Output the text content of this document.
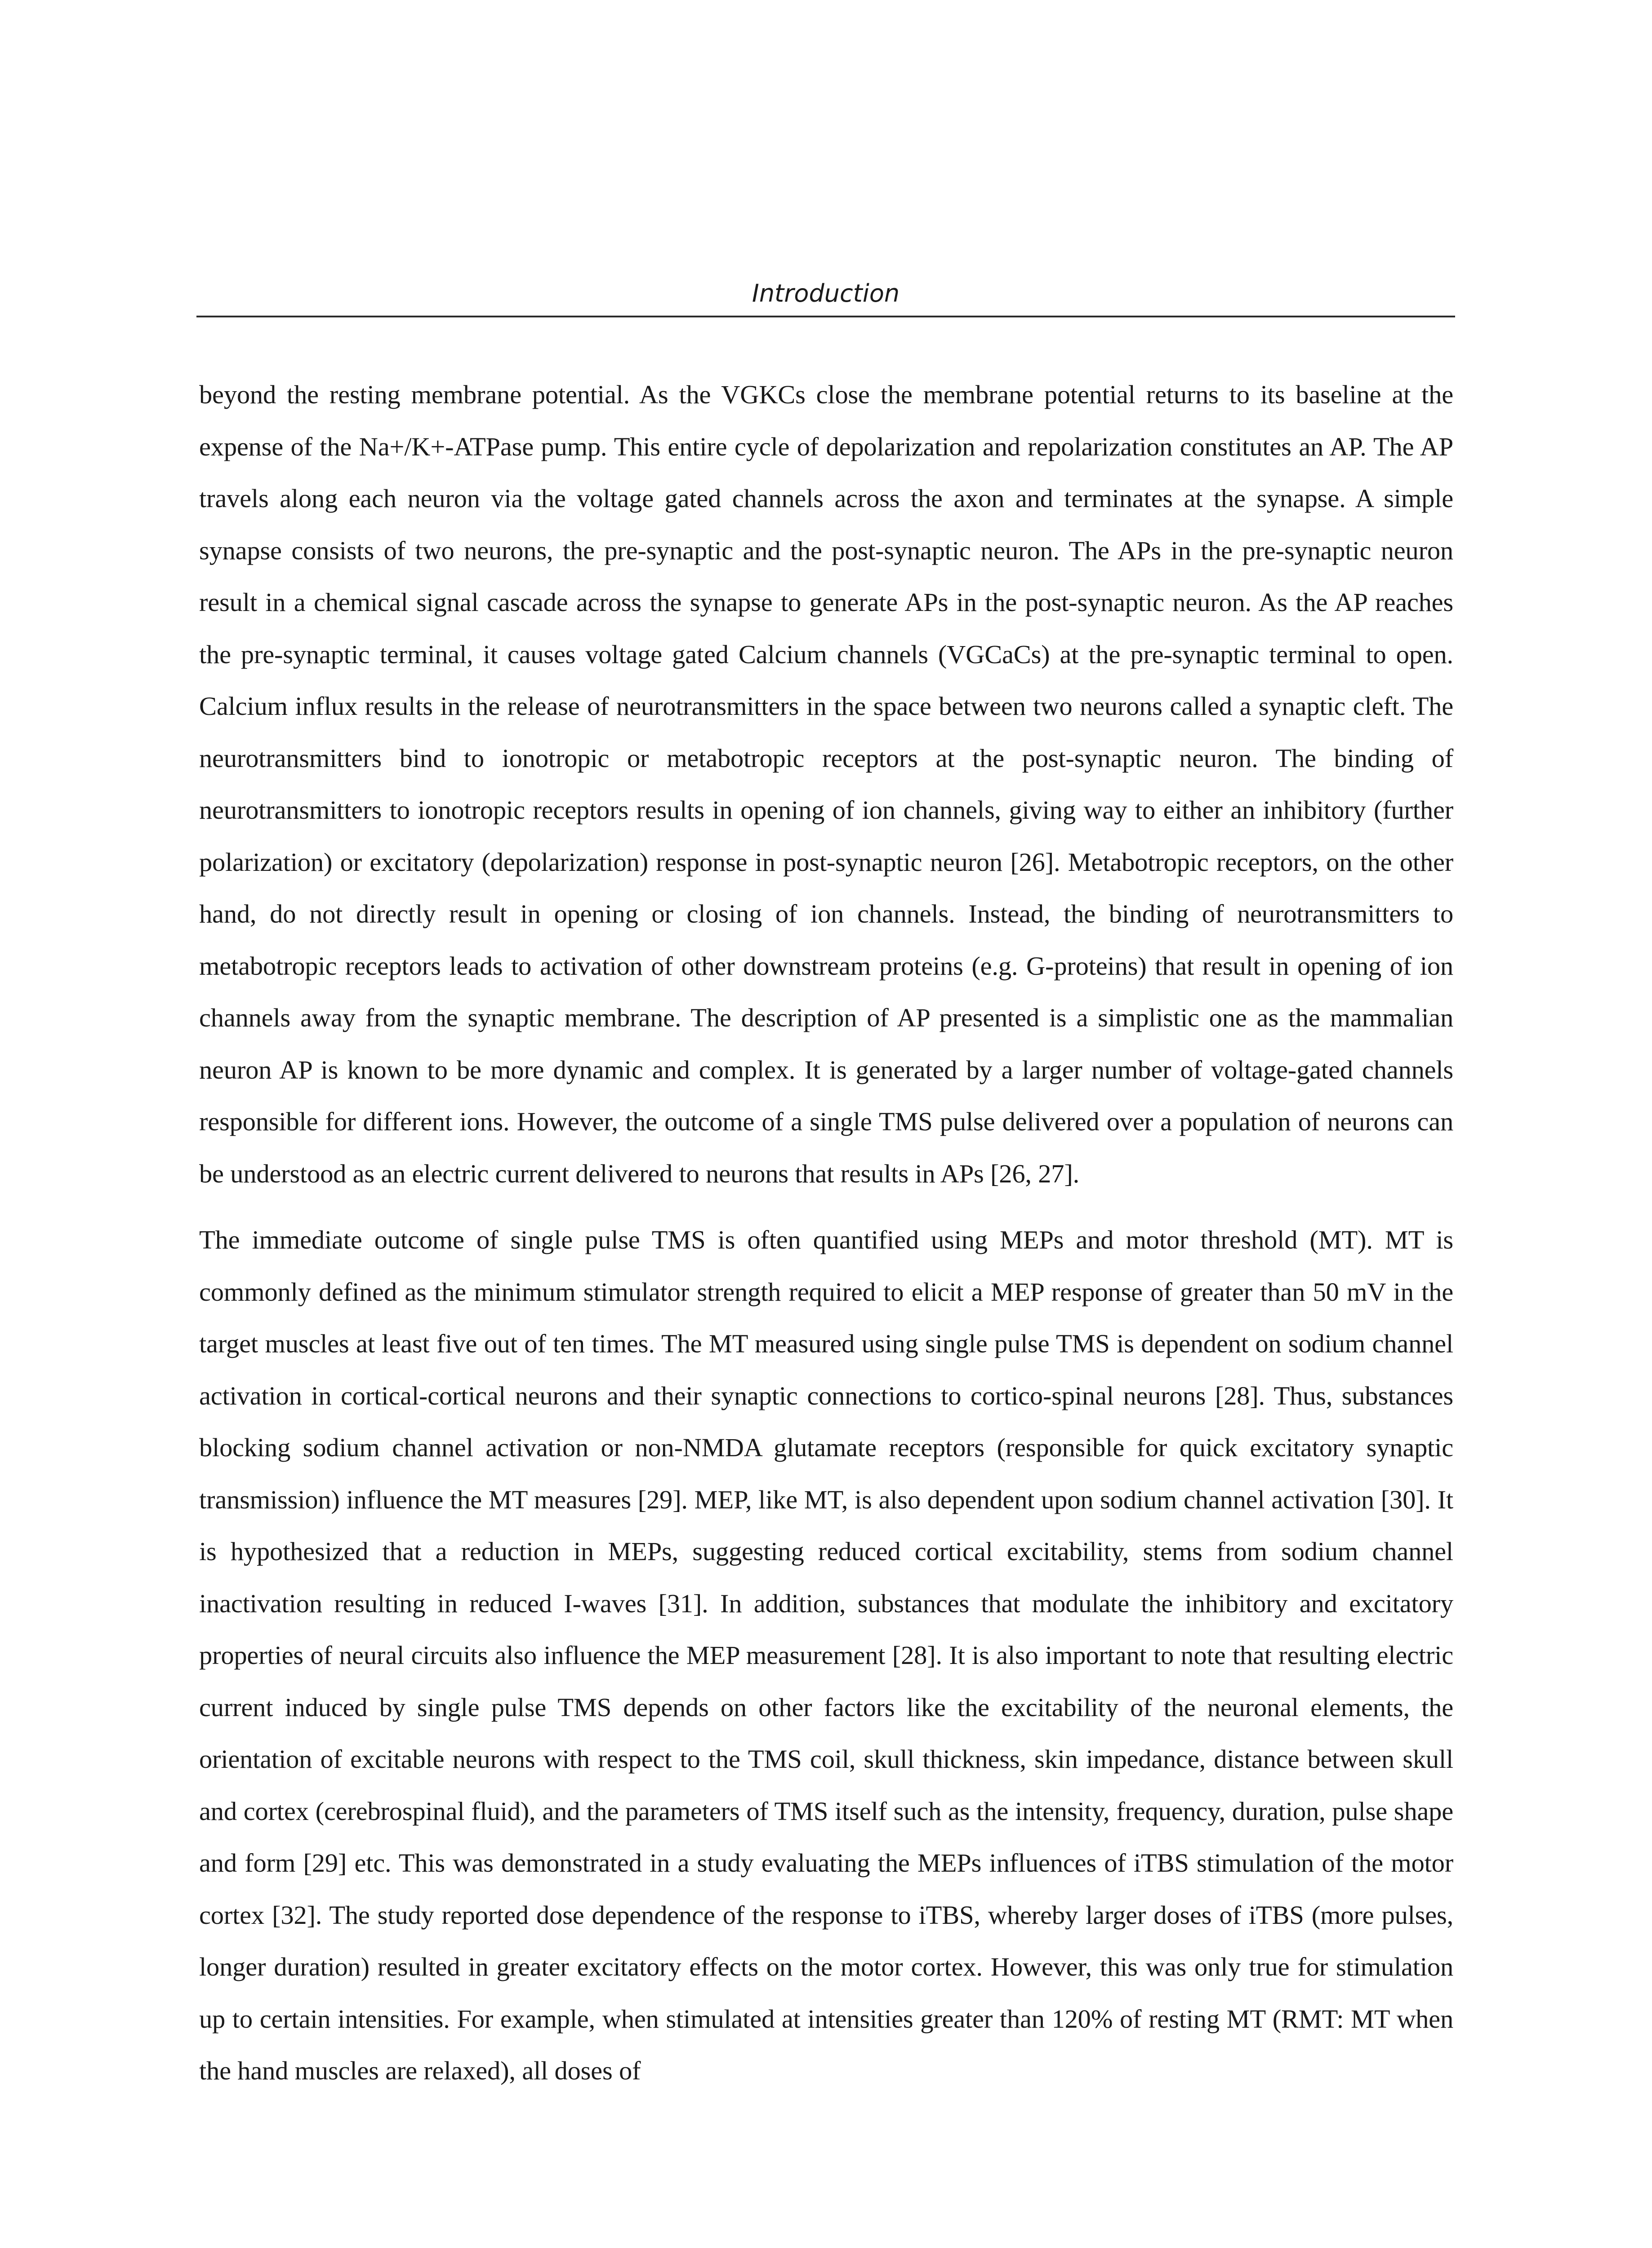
Introduction

beyond the resting membrane potential. As the VGKCs close the membrane potential returns to its baseline at the expense of the Na+/K+-ATPase pump. This entire cycle of depolarization and repolarization constitutes an AP. The AP travels along each neuron via the voltage gated channels across the axon and terminates at the synapse. A simple synapse consists of two neurons, the pre-synaptic and the post-synaptic neuron. The APs in the pre-synaptic neuron result in a chemical signal cascade across the synapse to generate APs in the post-synaptic neuron. As the AP reaches the pre-synaptic terminal, it causes voltage gated Calcium channels (VGCaCs) at the pre-synaptic terminal to open. Calcium influx results in the release of neurotransmitters in the space between two neurons called a synaptic cleft. The neurotransmitters bind to ionotropic or metabotropic receptors at the post-synaptic neuron. The binding of neurotransmitters to ionotropic receptors results in opening of ion channels, giving way to either an inhibitory (further polarization) or excitatory (depolarization) response in post-synaptic neuron [26]. Metabotropic receptors, on the other hand, do not directly result in opening or closing of ion channels. Instead, the binding of neurotransmitters to metabotropic receptors leads to activation of other downstream proteins (e.g. G-proteins) that result in opening of ion channels away from the synaptic membrane. The description of AP presented is a simplistic one as the mammalian neuron AP is known to be more dynamic and complex. It is generated by a larger number of voltage-gated channels responsible for different ions. However, the outcome of a single TMS pulse delivered over a population of neurons can be understood as an electric current delivered to neurons that results in APs [26, 27].

The immediate outcome of single pulse TMS is often quantified using MEPs and motor threshold (MT). MT is commonly defined as the minimum stimulator strength required to elicit a MEP response of greater than 50 mV in the target muscles at least five out of ten times. The MT measured using single pulse TMS is dependent on sodium channel activation in cortical-cortical neurons and their synaptic connections to cortico-spinal neurons [28]. Thus, substances blocking sodium channel activation or non-NMDA glutamate receptors (responsible for quick excitatory synaptic transmission) influence the MT measures [29]. MEP, like MT, is also dependent upon sodium channel activation [30]. It is hypothesized that a reduction in MEPs, suggesting reduced cortical excitability, stems from sodium channel inactivation resulting in reduced I-waves [31]. In addition, substances that modulate the inhibitory and excitatory properties of neural circuits also influence the MEP measurement [28]. It is also important to note that resulting electric current induced by single pulse TMS depends on other factors like the excitability of the neuronal elements, the orientation of excitable neurons with respect to the TMS coil, skull thickness, skin impedance, distance between skull and cortex (cerebrospinal fluid), and the parameters of TMS itself such as the intensity, frequency, duration, pulse shape and form [29] etc. This was demonstrated in a study evaluating the MEPs influences of iTBS stimulation of the motor cortex [32]. The study reported dose dependence of the response to iTBS, whereby larger doses of iTBS (more pulses, longer duration) resulted in greater excitatory effects on the motor cortex. However, this was only true for stimulation up to certain intensities. For example, when stimulated at intensities greater than 120% of resting MT (RMT: MT when the hand muscles are relaxed), all doses of
